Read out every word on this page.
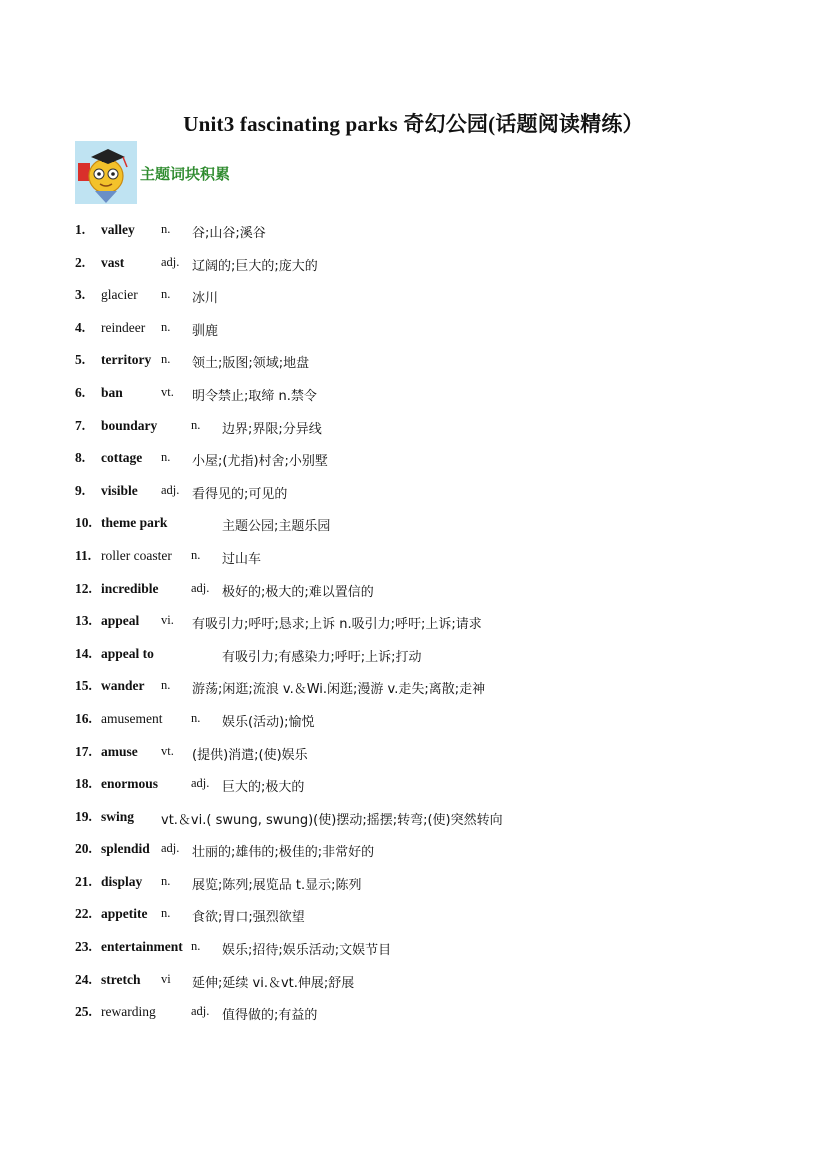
Unit3 fascinating parks 奇幻公园(话题阅读精练）
主题词块积累
1. valley n. 谷;山谷;溪谷
2. vast	adj. 辽阔的;巨大的;庞大的
3. glacier n. 冰川
4. reindeer n. 驯鹿
5. territory n. 领土;版图;领域;地盘
6. ban	vt. 明令禁止;取缔 n.禁令
7. boundary	n. 边界;界限;分异线
8. cottage n. 小屋;(尤指)村舍;小别墅
9. visible adj. 看得见的;可见的
10. theme park	主题公园;主题乐园
11. roller coaster n. 过山车
12. incredible	adj. 极好的;极大的;难以置信的
13. appeal vi. 有吸引力;呼吁;恳求;上诉 n.吸引力;呼吁;上诉;请求
14. appeal to	有吸引力;有感染力;呼吁;上诉;打动
15. wander n. 游荡;闲逛;流浪 v.＆Wi.闲逛;漫游 v.走失;离散;走神
16. amusement n. 娱乐(活动);愉悦
17. amuse vt. (提供)消遣;(使)娱乐
18. enormous	adj. 巨大的;极大的
19. swing vt.＆vi.( swung, swung)(使)摆动;摇摆;转弯;(使)突然转向
20. splendid adj. 壮丽的;雄伟的;极佳的;非常好的
21. display n. 展览;陈列;展览品 t.显示;陈列
22. appetite n. 食欲;胃口;强烈欲望
23. entertainment n. 娱乐;招待;娱乐活动;文娱节目
24. stretch vi 延伸;延续 vi.＆vt.伸展;舒展
25. rewarding	adj. 值得做的;有益的
